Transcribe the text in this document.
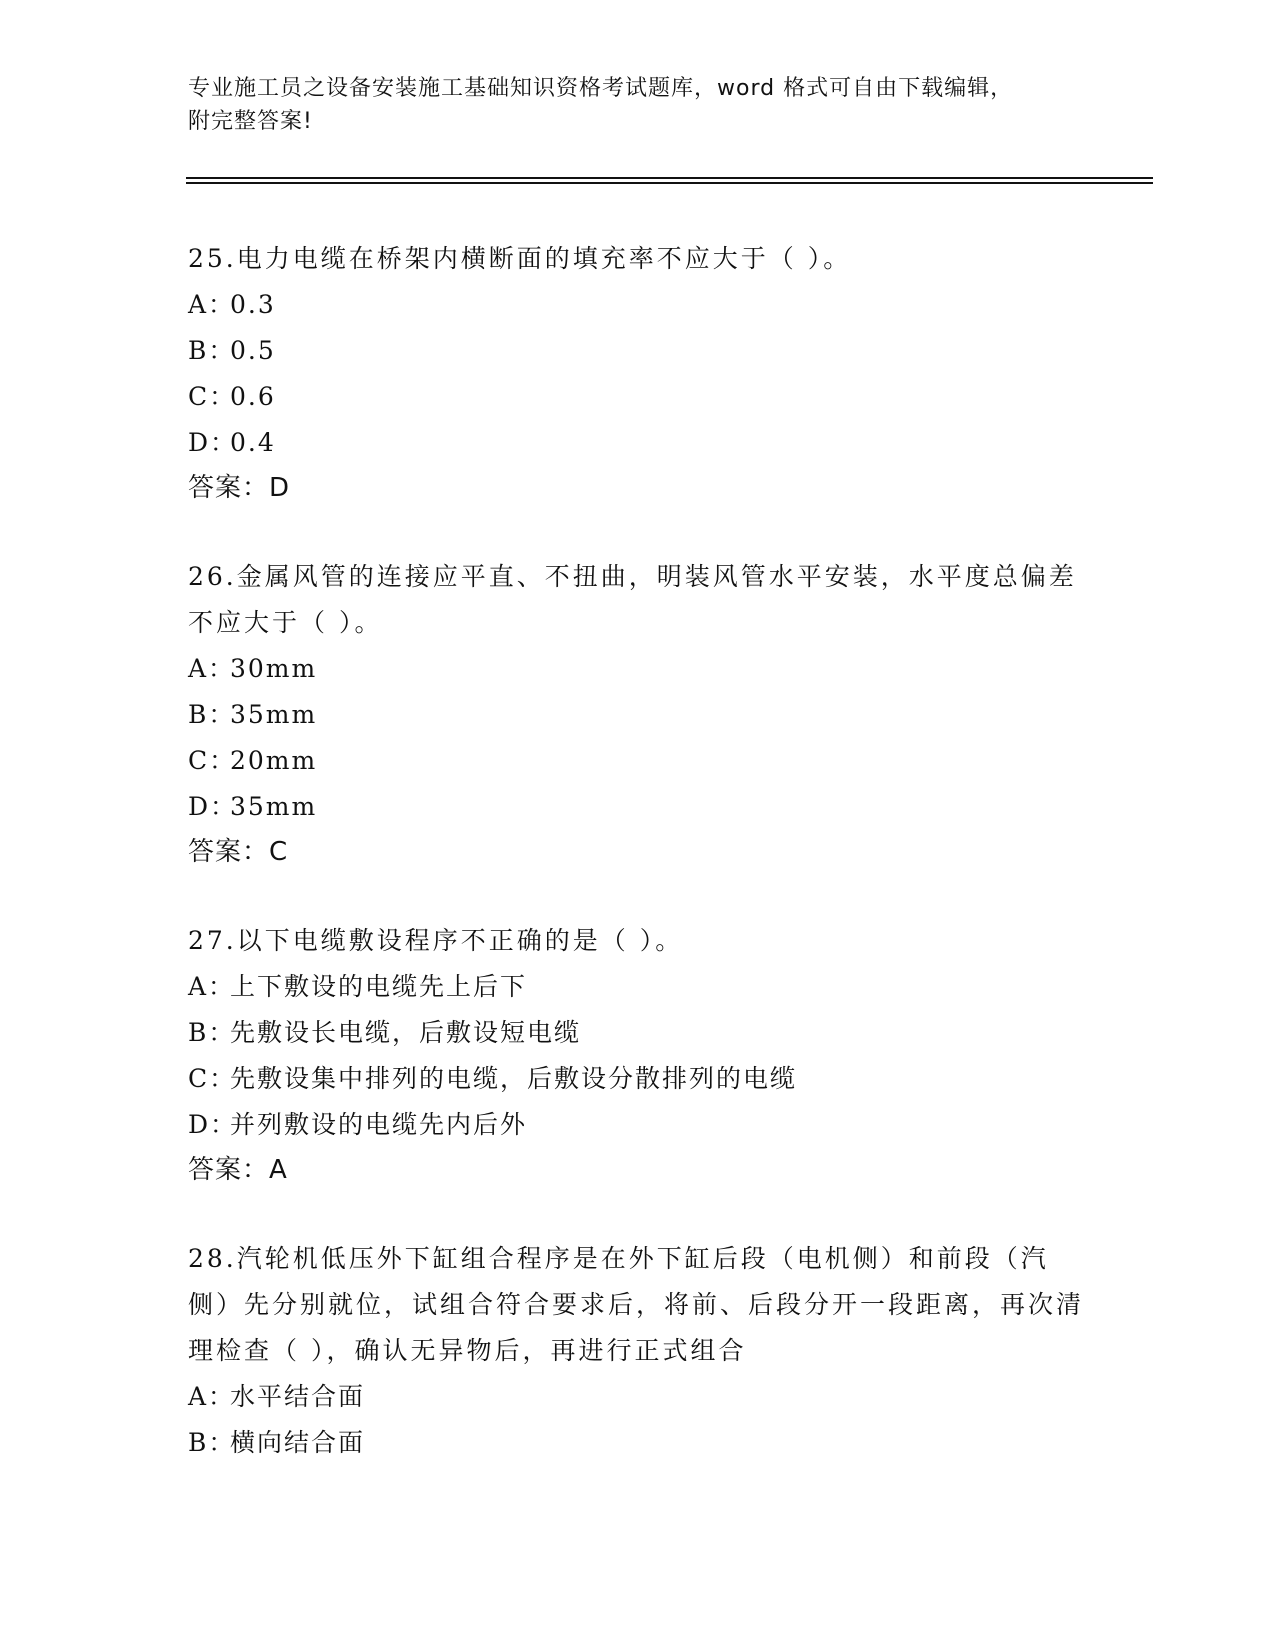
专业施工员之设备安装施工基础知识资格考试题库，word 格式可自由下载编辑，
附完整答案!
25.电力电缆在桥架内横断面的填充率不应大于（ ）。
A：0.3
B：0.5
C：0.6
D：0.4
答案：D
26.金属风管的连接应平直、不扭曲，明装风管水平安装，水平度总偏差不应大于（ ）。
A：30mm
B：35mm
C：20mm
D：35mm
答案：C
27.以下电缆敷设程序不正确的是（ ）。
A：上下敷设的电缆先上后下
B：先敷设长电缆，后敷设短电缆
C：先敷设集中排列的电缆，后敷设分散排列的电缆
D：并列敷设的电缆先内后外
答案：A
28.汽轮机低压外下缸组合程序是在外下缸后段（电机侧）和前段（汽侧）先分别就位，试组合符合要求后，将前、后段分开一段距离，再次清理检查（ ），确认无异物后，再进行正式组合
A：水平结合面
B：横向结合面
